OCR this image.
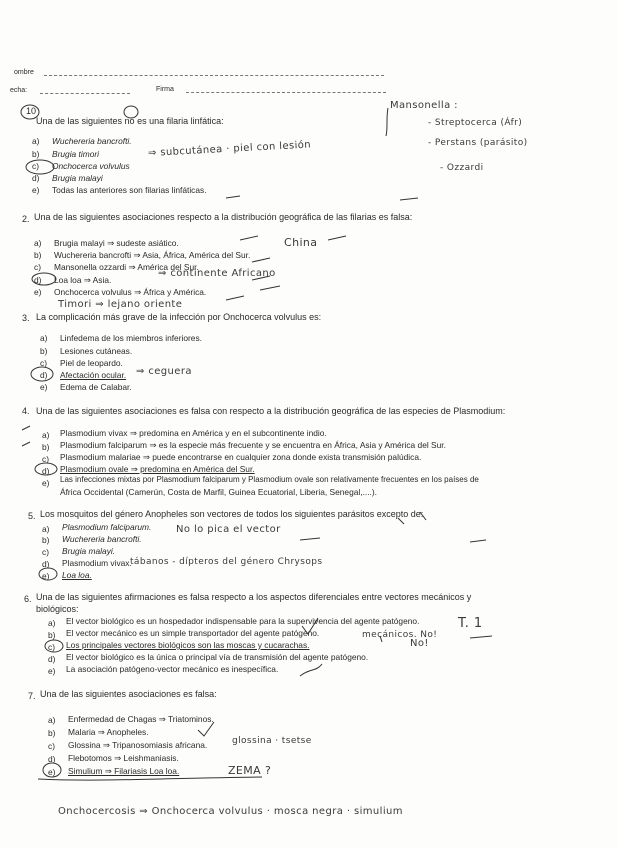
ombre
echa:	Firma
10
Una de las siguientes no es una filaria linfática:
a) Wuchereria bancrofti.
b) Brugia timori
c) Onchocerca volvulus
d) Brugia malayi
e) Todas las anteriores son filarias linfáticas.
2. Una de las siguientes asociaciones respecto a la distribución geográfica de las filarias es falsa:
a) Brugia malayi ⇒ sudeste asiático.
b) Wuchereria bancrofti ⇒ Asia, África, América del Sur.
c) Mansonella ozzardi ⇒ América del Sur.
d) Loa loa ⇒ Asia.
e) Onchocerca volvulus ⇒ África y América.
3. La complicación más grave de la infección por Onchocerca volvulus es:
a) Linfedema de los miembros inferiores.
b) Lesiones cutáneas.
c) Piel de leopardo.
d) Afectación ocular.
e) Edema de Calabar.
4. Una de las siguientes asociaciones es falsa con respecto a la distribución geográfica de las especies de Plasmodium:
a) Plasmodium vivax ⇒ predomina en América y en el subcontinente indio.
b) Plasmodium falciparum ⇒ es la especie más frecuente y se encuentra en África, Asia y América del Sur.
c) Plasmodium malariae ⇒ puede encontrarse en cualquier zona donde exista transmisión palúdica.
d) Plasmodium ovale ⇒ predomina en América del Sur.
e) Las infecciones mixtas por Plasmodium falciparum y Plasmodium ovale son relativamente frecuentes en los países de
África Occidental (Camerún, Costa de Marfil, Guinea Ecuatorial, Liberia, Senegal,....).
5. Los mosquitos del género Anopheles son vectores de todos los siguientes parásitos excepto de:
a) Plasmodium falciparum.
b) Wuchereria bancrofti.
c) Brugia malayi.
d) Plasmodium vivax.
e) Loa loa.
6. Una de las siguientes afirmaciones es falsa respecto a los aspectos diferenciales entre vectores mecánicos y
biológicos:
a) El vector biológico es un hospedador indispensable para la supervivencia del agente patógeno.
b) El vector mecánico es un simple transportador del agente patógeno.
c) Los principales vectores biológicos son las moscas y cucarachas.
d) El vector biológico es la única o principal vía de transmisión del agente patógeno.
e) La asociación patógeno-vector mecánico es inespecífica.
7. Una de las siguientes asociaciones es falsa:
a) Enfermedad de Chagas ⇒ Triatominos.
b) Malaria ⇒ Anopheles.
c) Glossina ⇒ Tripanosomiasis africana.
d) Flebotomos ⇒ Leishmaniasis.
e) Simulium ⇒ Filariasis Loa loa.
Mansonella :
- Streptocerca (Áfr)
- Perstans (parásito)
- Ozzardi
⇒ subcutánea · piel con lesión
China
⇒ continente Africano
Timori ⇒ lejano oriente
⇒ ceguera
No lo pica el vector
tábanos - dípteros del género Chrysops
mecánicos. No!
T. 1
No!
glossina · tsetse
ZEMA ?
Onchocercosis ⇒ Onchocerca volvulus · mosca negra · simulium
